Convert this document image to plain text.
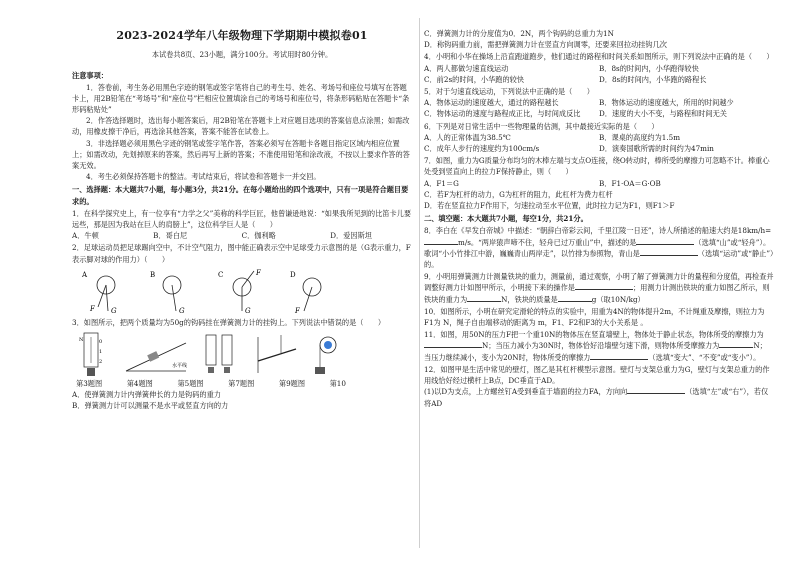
2023-2024学年八年级物理下学期期中模拟卷01
本试卷共8页、23小题，满分100分。考试用时80分钟。
注意事项：
1．答卷前，考生务必用黑色字迹的钢笔或签字笔将自己的考生号、姓名、考场号和座位号填写在答题卡上，用2B铅笔在“考场号”和“座位号”栏相应位置填涂自己的考场号和座位号，将条形码粘贴在答题卡“条形码粘贴处”
2．作答选择题时，选出每小题答案后，用2B铅笔在答题卡上对应题目选项的答案信息点涂黑；如需改动，用橡皮擦干净后，再选涂其他答案，答案不能答在试卷上。
3．非选择题必须用黑色字迹的钢笔或签字笔作答，答案必须写在答题卡各题目指定区域内相应位置上；如需改动，先划掉原来的答案，然后再写上新的答案；不准使用铅笔和涂改液，不按以上要求作答的答案无效。
4．考生必须保持答题卡的整洁。考试结束后，将试卷和答题卡一并交回。
一、选择题：本大题共7小题，每小题3分，共21分。在每小题给出的四个选项中，只有一项是符合题目要求的。
1．在科学探究史上，有一位享有“力学之父”美称的科学巨匠，他曾谦逊地说：“如果我所见到的比笛卡儿要远些，那是因为我站在巨人的肩膀上”，这位科学巨人是（　　）
A．牛顿	B．哥白尼	C．伽利略	D．爱因斯坦
2．足球运动员把足球踢向空中，不计空气阻力，图中能正确表示空中足球受力示意图的是（G表示重力，F表示脚对球的作用力）（　　）
A
F G
B
G
C	F
G
D
F
3．如图所示，把两个质量均为50g的钩码挂在弹簧测力计的挂钩上。下列说法中错误的是（　　）
N	0
1
2
水平线
第3题图	第4题图	第5题图	第7题图	第9题图	第10
A．使弹簧测力计内弹簧伸长的力是钩码的重力
B．弹簧测力计可以测量不是水平或竖直方向的力
C．弹簧测力计的分度值为0．2N，两个钩码的总重力为1N
D．称钩码重力前，需把弹簧测力计在竖直方向调零，还要来回拉动挂钩几次
4．小明和小华在操场上沿直跑道跑步，他们通过的路程和时间关系如图所示，则下列说法中正确的是（　　）
A．两人都做匀速直线运动	B．8s的时间内，小华跑得较快
C．前2s的时间，小华跑的较快	D．8s的时间内，小华跑的路程长
5．对于匀速直线运动，下列说法中正确的是（　　）
A．物体运动的速度越大，通过的路程越长	B．物体运动的速度越大，所用的时间越少
C．物体运动的速度与路程成正比，与时间成反比	D．速度的大小不变，与路程和时间无关
6．下列是对日常生活中一些物理量的估测，其中最接近实际的是（　　）
A．人的正常体温为38.5℃	B．课桌的高度约为1.5m
C．成年人步行的速度约为100cm/s	D．演奏国歌所需的时间约为47min
7．如图，重力为G质量分布均匀的木棒左端与支点O连接，绕O转动时，棒所受的摩擦力可忽略不计。棒重心处受到竖直向上的拉力F保持静止，则（　　）
A．F1＝G	B．F1·OA＝G·OB
C．若F为杠杆的动力，G为杠杆的阻力，此杠杆为费力杠杆
D．若在竖直拉力F作用下，匀速拉动至水平位置，此时拉力记为F1，则F1＞F
二、填空题：本大题共7小题，每空1分，共21分。
8．李白在《早发白帝城》中描述：“朝辞白帝彩云间，千里江陵一日还”，诗人所描述的船速大约是18km/h=m/s。“两岸猿声啼不住，轻舟已过万重山”中，描述的是	（选填“山”或“轻舟”）。歌词“小小竹排江中游，巍巍青山两岸走”，以竹排为参照物，青山是	（选填“运动”或“静止”）的。
9．小明用弹簧测力计测量铁块的重力，测量前，通过观察，小明了解了弹簧测力计的量程和分度值，再检查并调整好测力计如图甲所示，小明接下来的操作是	；用测力计测出铁块的重力如图乙所示，则铁块的重力为	N，铁块的质量是	g（取10N/kg）
10．如图所示，小明在研究定滑轮的特点的实验中，用重为4N的物体提升2m，不计绳重及摩擦，则拉力为F1为 N，绳子自由端移动的距离为 m，F1、F2和F3的大小关系是 。
11．如图，用50N的压力F把一个重10N的物体压在竖直墙壁上，物体处于静止状态，物体所受的摩擦力为N；当压力减小为30N时，物体恰好沿墙壁匀速下滑，则物体所受摩擦力为	N；当压力继续减小，变小为20N时，物体所受的摩擦力	（选填“变大”、“不变”或“变小”）。
12．如图甲是生活中常见的壁灯，图乙是其杠杆模型示意图。壁灯与支架总重力为G，壁灯与支架总重力的作用线恰好经过横杆上B点，DC垂直于AD。
(1)以D为支点，上方螺丝钉A受到垂直于墙面的拉力FA，方向向	（选填“左”或“右”），若仅将AD
